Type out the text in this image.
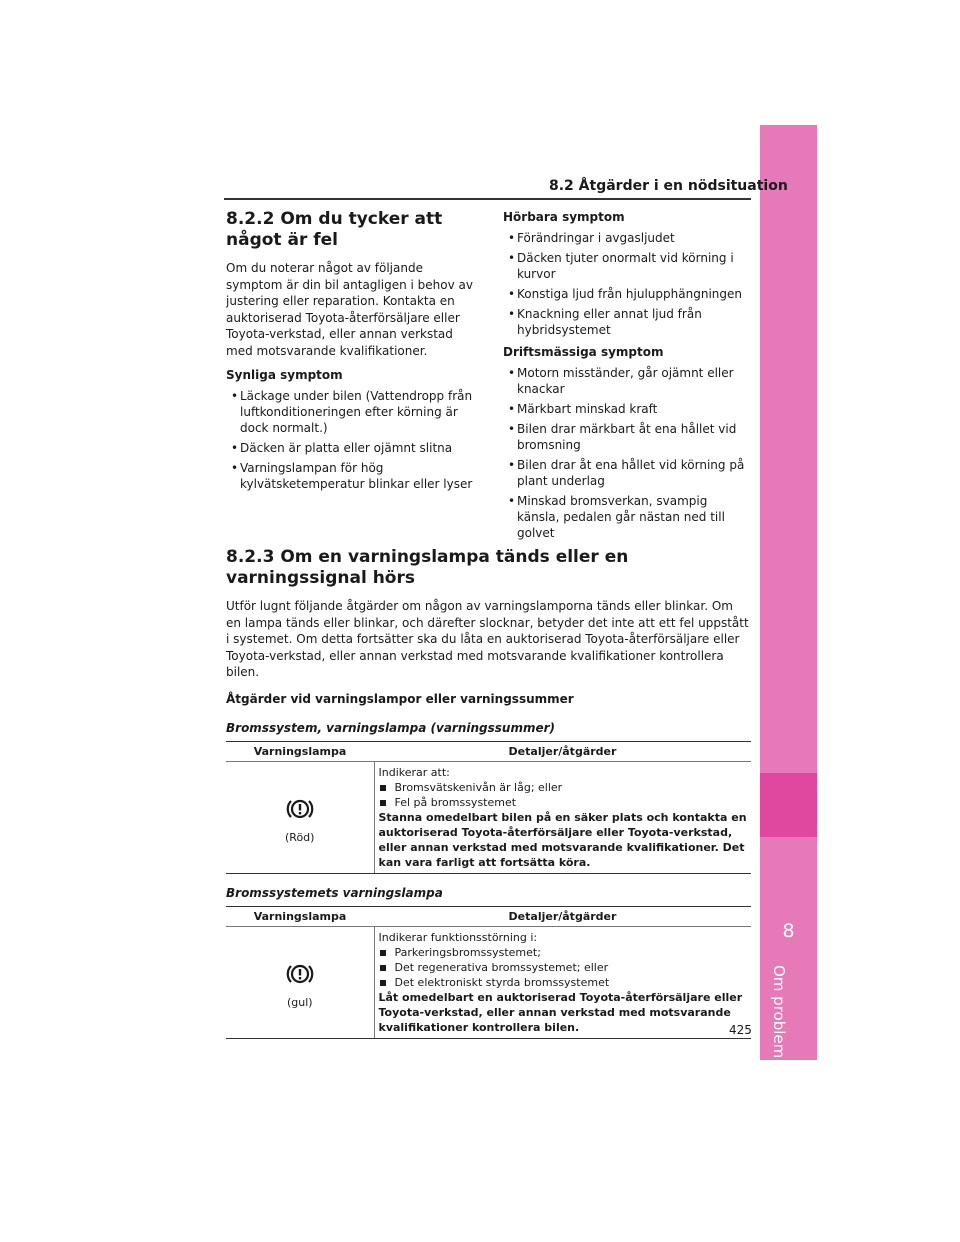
8
Om problem uppstår
8.2 Åtgärder i en nödsituation
8.2.2 Om du tycker att något är fel

Om du noterar något av följande symptom är din bil antagligen i behov av justering eller reparation. Kontakta en auktoriserad Toyota-återförsäljare eller Toyota-verkstad, eller annan verkstad med motsvarande kvalifikationer.

Synliga symptom
• Läckage under bilen (Vattendropp från luftkonditioneringen efter körning är dock normalt.)
• Däcken är platta eller ojämnt slitna
• Varningslampan för hög kylvätsketemperatur blinkar eller lyser
Hörbara symptom
• Förändringar i avgasljudet
• Däcken tjuter onormalt vid körning i kurvor
• Konstiga ljud från hjulupphängningen
• Knackning eller annat ljud från hybridsystemet
Driftsmässiga symptom
• Motorn misständer, går ojämnt eller knackar
• Märkbart minskad kraft
• Bilen drar märkbart åt ena hållet vid bromsning
• Bilen drar åt ena hållet vid körning på plant underlag
• Minskad bromsverkan, svampig känsla, pedalen går nästan ned till golvet
8.2.3 Om en varningslampa tänds eller en varningssignal hörs

Utför lugnt följande åtgärder om någon av varningslamporna tänds eller blinkar. Om en lampa tänds eller blinkar, och därefter slocknar, betyder det inte att ett fel uppstått i systemet. Om detta fortsätter ska du låta en auktoriserad Toyota-återförsäljare eller Toyota-verkstad, eller annan verkstad med motsvarande kvalifikationer kontrollera bilen.

Åtgärder vid varningslampor eller varningssummer
Bromssystem, varningslampa (varningssummer)
Varningslampa	Detaljer/åtgärder

(Röd)	Indikerar att:
Bromsvätskenivån är låg; eller
Fel på bromssystemet
Stanna omedelbart bilen på en säker plats och kontakta en auktoriserad Toyota-återförsäljare eller Toyota-verkstad, eller annan verkstad med motsvarande kvalifikationer. Det kan vara farligt att fortsätta köra.
Bromssystemets varningslampa
Varningslampa	Detaljer/åtgärder

(gul)	Indikerar funktionsstörning i:
Parkeringsbromssystemet;
Det regenerativa bromssystemet; eller
Det elektroniskt styrda bromssystemet
Låt omedelbart en auktoriserad Toyota-återförsäljare eller Toyota-verkstad, eller annan verkstad med motsvarande kvalifikationer kontrollera bilen.	425
